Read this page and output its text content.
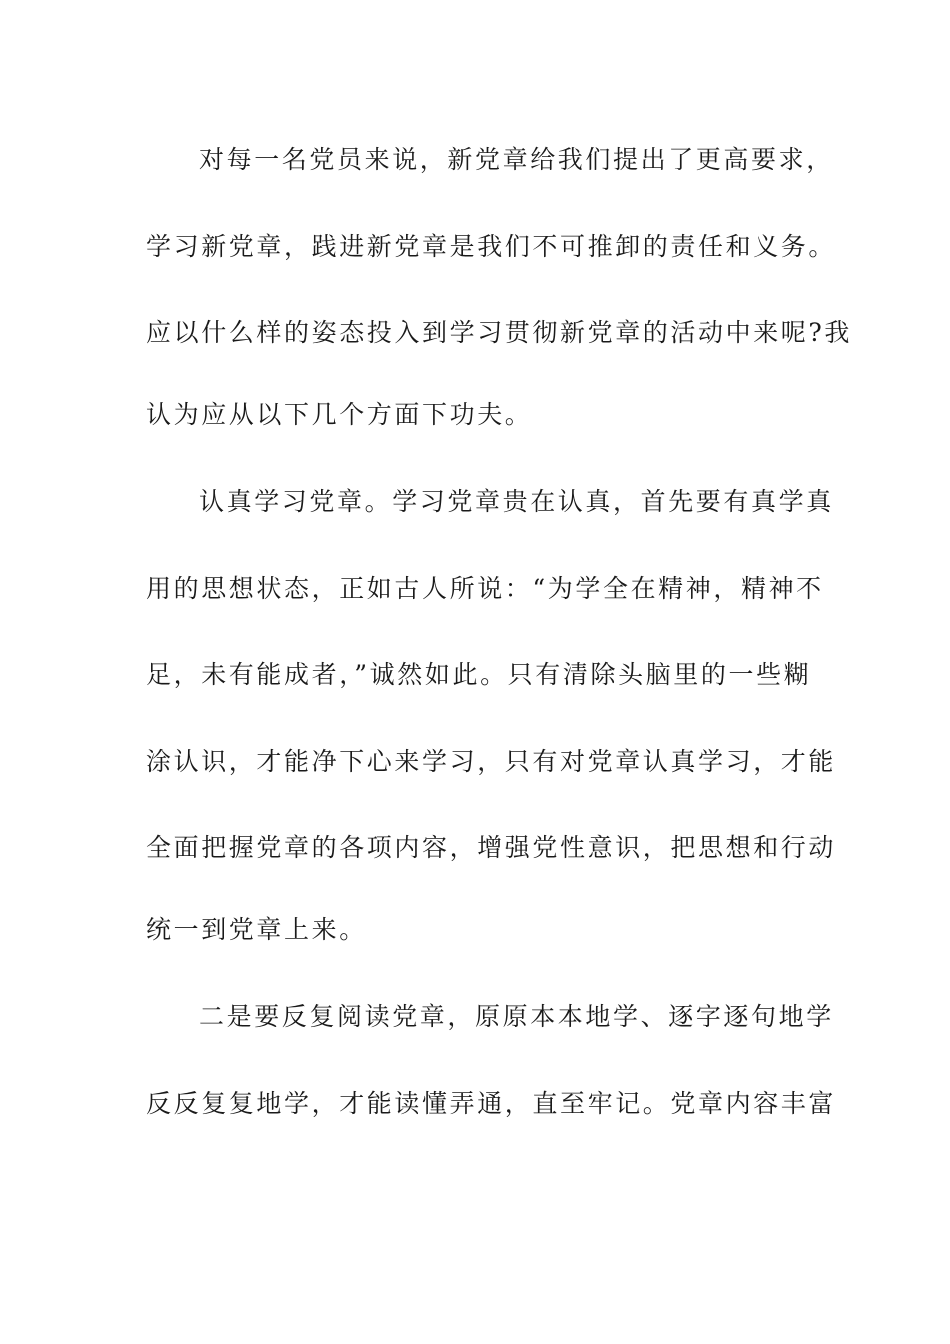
对每一名党员来说，新党章给我们提出了更高要求，
学习新党章，践进新党章是我们不可推卸的责任和义务。
应以什么样的姿态投入到学习贯彻新党章的活动中来呢?我
认为应从以下几个方面下功夫。
认真学习党章。学习党章贵在认真，首先要有真学真
用的思想状态，正如古人所说：“为学全在精神，精神不
足，未有能成者，”诚然如此。只有清除头脑里的一些糊
涂认识，才能净下心来学习，只有对党章认真学习，才能
全面把握党章的各项内容，增强党性意识，把思想和行动
统一到党章上来。
二是要反复阅读党章，原原本本地学、逐字逐句地学
反反复复地学，才能读懂弄通，直至牢记。党章内容丰富
